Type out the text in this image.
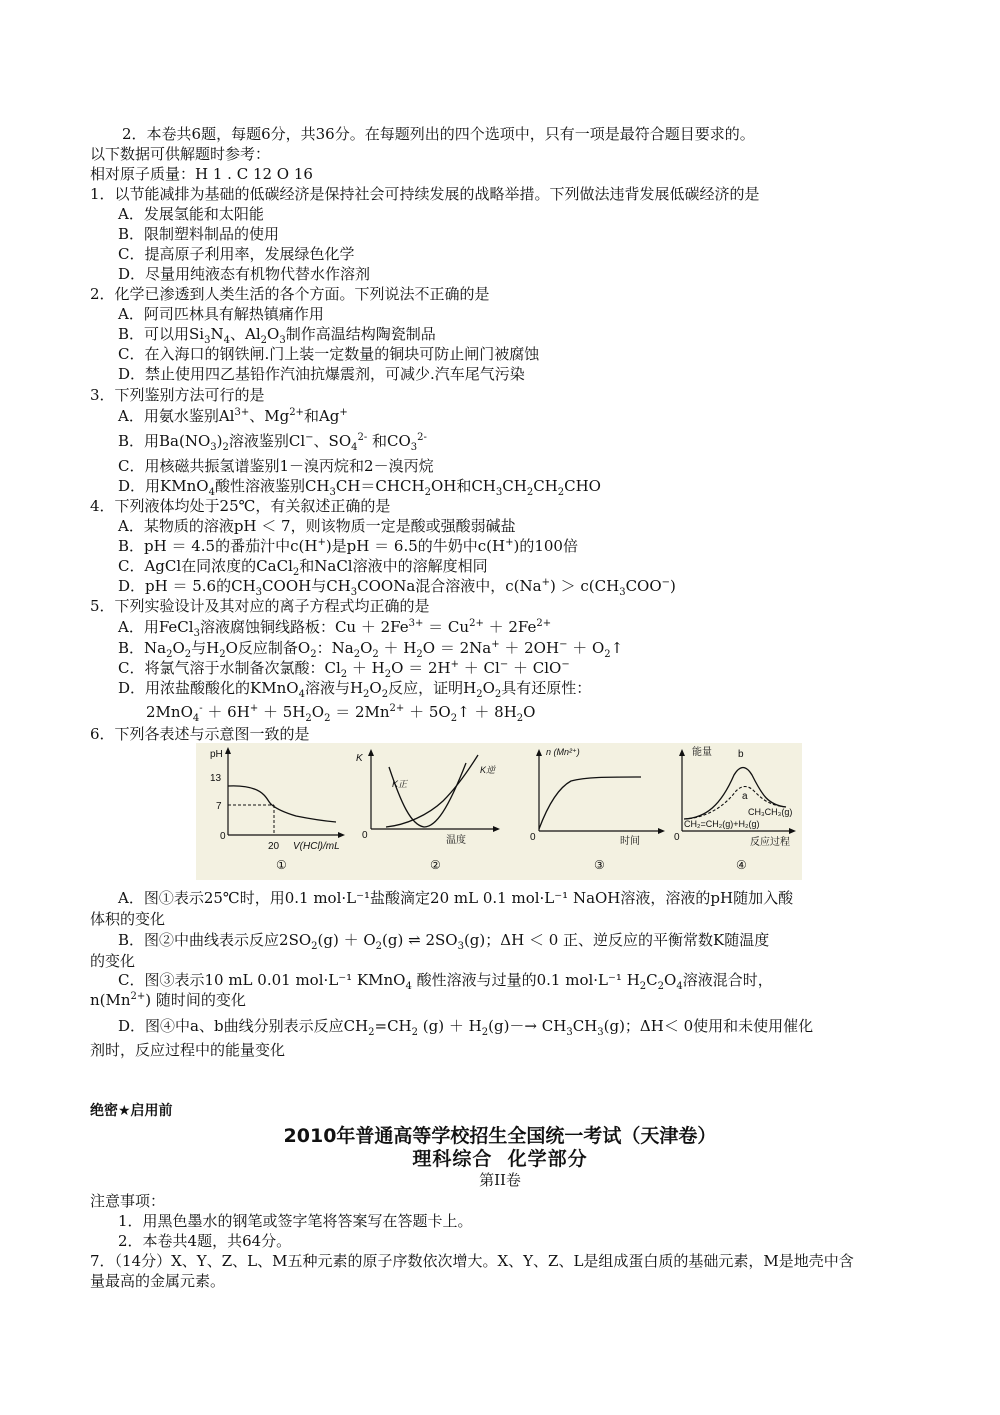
2．本卷共6题，每题6分，共36分。在每题列出的四个选项中，只有一项是最符合题目要求的。
以下数据可供解题时参考：
相对原子质量：H 1 . C 12 O 16
1．以节能减排为基础的低碳经济是保持社会可持续发展的战略举措。下列做法违背发展低碳经济的是
A．发展氢能和太阳能
B．限制塑料制品的使用
C．提高原子利用率，发展绿色化学
D．尽量用纯液态有机物代替水作溶剂
2．化学已渗透到人类生活的各个方面。下列说法不正确的是
A．阿司匹林具有解热镇痛作用
B．可以用$Si_3N_4$、$Al_2O_3$制作高温结构陶瓷制品
C．在入海口的钢铁闸.门上装一定数量的铜块可防止闸门被腐蚀
D．禁止使用四乙基铅作汽油抗爆震剂，可减少.汽车尾气污染
3．下列鉴别方法可行的是
A．用氨水鉴别$Al^{3+}$、$Mg^{2+}$和Ag+
B．用$Ba(NO_3)_2$溶液鉴别Cl−、$SO_4^{2-}$ 和$CO_3^{2-}$
C．用核磁共振氢谱鉴别1－溴丙烷和2－溴丙烷
D．用KMnO$_4$酸性溶液鉴别$CH_3CH=CHCH_2OH$和$CH_3CH_2CH_2CHO$
4．下列液体均处于25℃，有关叙述正确的是
A．某物质的溶液pH ＜ 7，则该物质一定是酸或强酸弱碱盐
B．pH ＝ 4.5的番茄汁中c(H+)是pH ＝ 6.5的牛奶中c(H+)的100倍
C．AgCl在同浓度的CaCl$_2$和NaCl溶液中的溶解度相同
D．pH ＝ 5.6的$CH_3COOH$与$CH_3COONa$混合溶液中，$c(Na^+) > c(CH_3COO^-)$
5．下列实验设计及其对应的离子方程式均正确的是
A．用FeCl$_3$溶液腐蚀铜线路板：$Cu + 2Fe^{3+} = Cu^{2+} + 2Fe^{2+}$
B．$Na_2O_2$与$H_2O$反应制备$O_2$：$Na_2O_2 + H_2O = 2Na^+ + 2OH^-$ ＋ $O_2↑$
C．将氯气溶于水制备次氯酸：$Cl_2 + H_2O = 2H^+ + Cl^- + ClO^-$
D．用浓盐酸酸化的KMnO$_4$溶液与$H_2O_2$反应，证明$H_2O_2$具有还原性：
$2MnO_4^- + 6H^+ + 5H_2O_2 = 2Mn^{2+}$ ＋ $5O_2↑ + 8H_2O$
6．下列各表述与示意图一致的是
pH
13
7
0
20 V(HCl)/mL
①
K
K正
K逆
0	温度
②
n (Mn²⁺)
0	时间
③
能量	b
a
CH₃CH₃(g)
CH₂=CH₂(g)+H₂(g)
0	反应过程
④
A．图①表示25℃时，用0.1 mol·L⁻¹盐酸滴定20 mL 0.1 mol·L⁻¹ NaOH溶液，溶液的pH随加入酸
体积的变化
B．图②中曲线表示反应$2SO_2(g) + O_2(g)$ ⇌ $2SO_3(g)$；ΔH ＜ 0 正、逆反应的平衡常数K随温度
的变化
C．图③表示10 mL 0.01 mol·L⁻¹ KMnO$_4$ 酸性溶液与过量的0.1 mol·L⁻¹ $H_2C_2O_4$溶液混合时，
$n(Mn^{2+})$ 随时间的变化
D．图④中a、b曲线分别表示反应$CH_2=CH_2$ $(g) + H_2(g)-\to CH_3CH_3(g)$；ΔH＜ 0使用和未使用催化
剂时，反应过程中的能量变化
绝密★启用前
2010年普通高等学校招生全国统一考试（天津卷）
理科综合  化学部分
第II卷
注意事项：
1．用黑色墨水的钢笔或签字笔将答案写在答题卡上。
2．本卷共4题，共64分。
7．（14分）X、Y、Z、L、M五种元素的原子序数依次增大。X、Y、Z、L是组成蛋白质的基础元素，M是地壳中含
量最高的金属元素。
